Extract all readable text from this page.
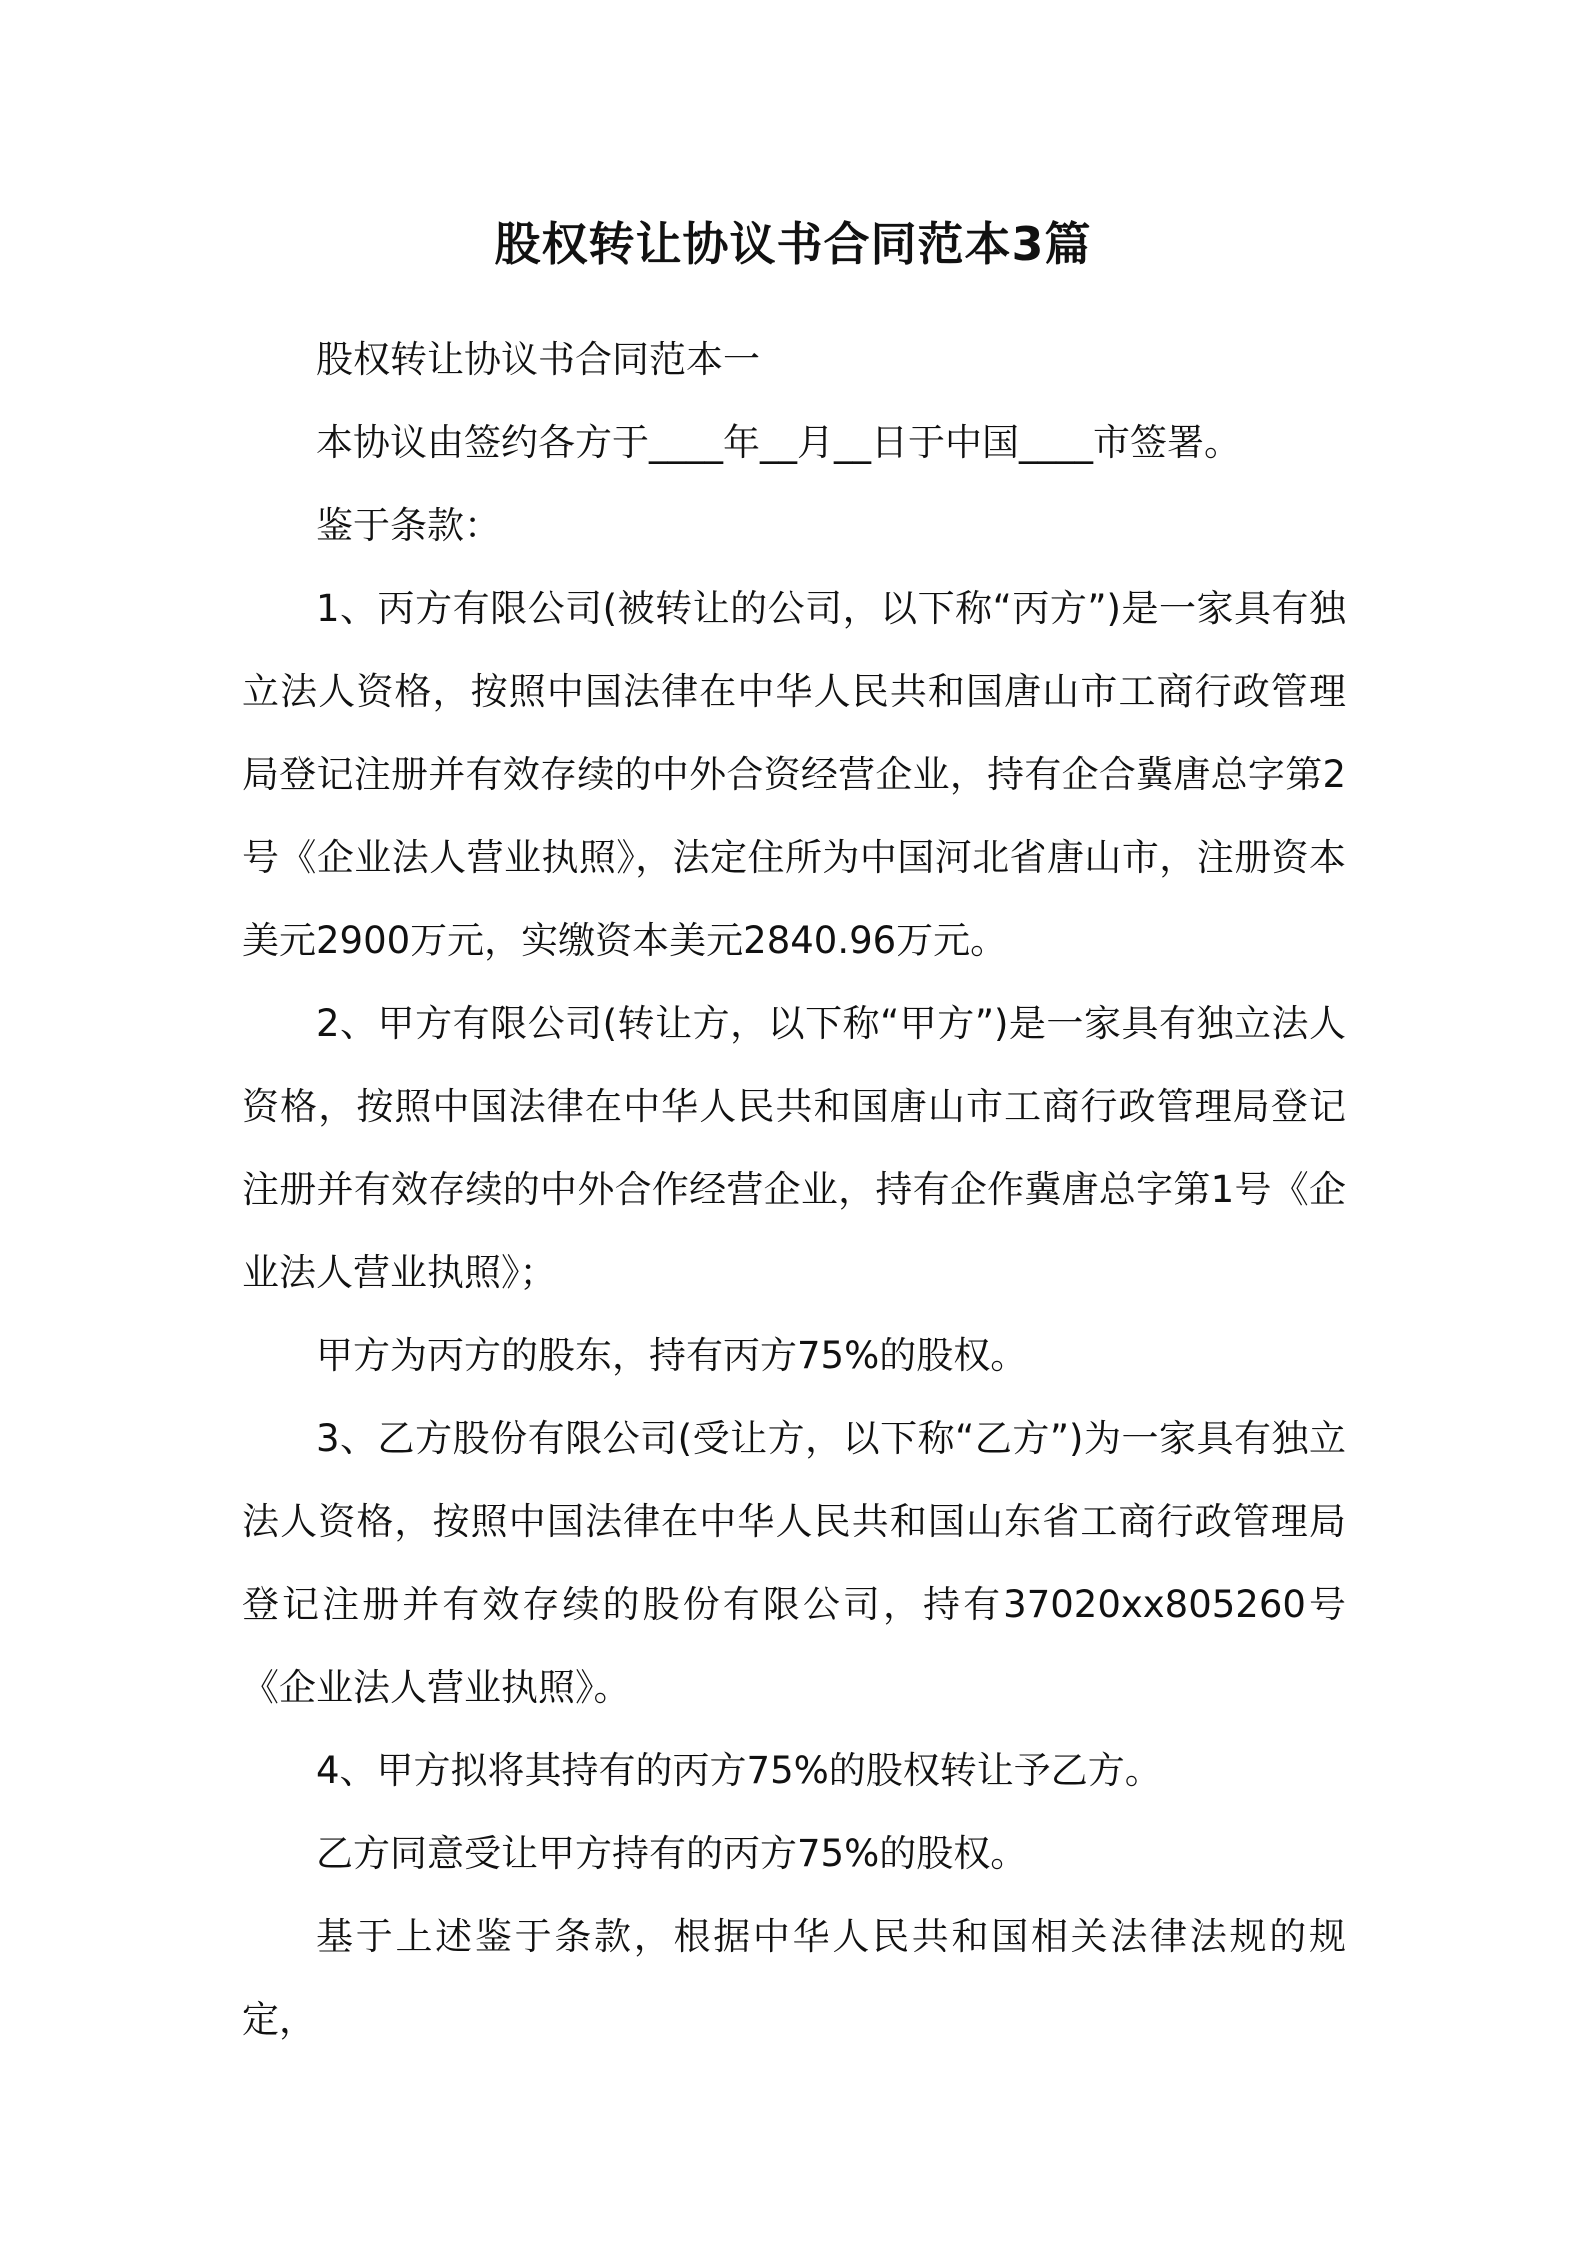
股权转让协议书合同范本3篇

股权转让协议书合同范本一

本协议由签约各方于____年__月__日于中国____市签署。

鉴于条款：

1、丙方有限公司(被转让的公司，以下称“丙方”)是一家具有独立法人资格，按照中国法律在中华人民共和国唐山市工商行政管理局登记注册并有效存续的中外合资经营企业，持有企合冀唐总字第2号《企业法人营业执照》，法定住所为中国河北省唐山市，注册资本美元2900万元，实缴资本美元2840.96万元。

2、甲方有限公司(转让方，以下称“甲方”)是一家具有独立法人资格，按照中国法律在中华人民共和国唐山市工商行政管理局登记注册并有效存续的中外合作经营企业，持有企作冀唐总字第1号《企业法人营业执照》；

甲方为丙方的股东，持有丙方75%的股权。

3、乙方股份有限公司(受让方，以下称“乙方”)为一家具有独立法人资格，按照中国法律在中华人民共和国山东省工商行政管理局登记注册并有效存续的股份有限公司，持有37020xx805260号《企业法人营业执照》。

4、甲方拟将其持有的丙方75%的股权转让予乙方。

乙方同意受让甲方持有的丙方75%的股权。

基于上述鉴于条款，根据中华人民共和国相关法律法规的规定，
